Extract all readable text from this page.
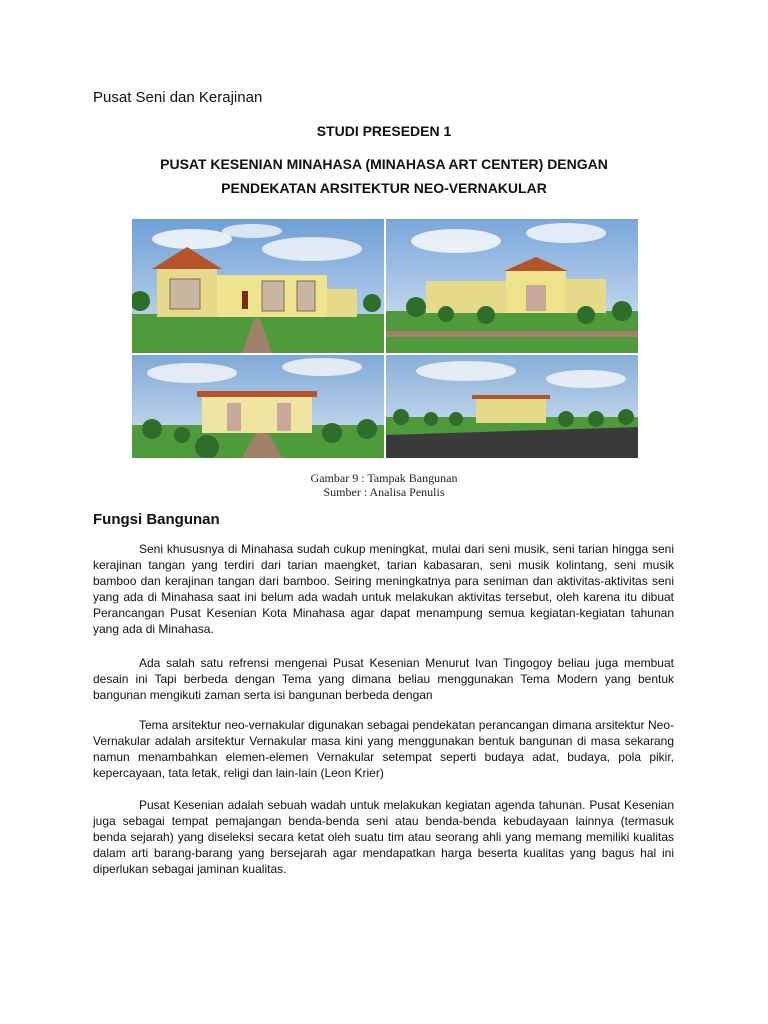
Pusat Seni dan Kerajinan
STUDI PRESEDEN 1
PUSAT KESENIAN MINAHASA (MINAHASA ART CENTER) DENGAN
PENDEKATAN ARSITEKTUR NEO-VERNAKULAR
Gambar 9 : Tampak Bangunan
Sumber : Analisa Penulis
Fungsi Bangunan

Seni khususnya di Minahasa sudah cukup meningkat, mulai dari seni musik, seni tarian hingga seni kerajinan tangan yang terdiri dari tarian maengket, tarian kabasaran, seni musik kolintang, seni musik bamboo dan kerajinan tangan dari bamboo. Seiring meningkatnya para seniman dan aktivitas-aktivitas seni yang ada di Minahasa saat ini belum ada wadah untuk melakukan aktivitas tersebut, oleh karena itu dibuat Perancangan Pusat Kesenian Kota Minahasa agar dapat menampung semua kegiatan-kegiatan tahunan yang ada di Minahasa.

Ada salah satu refrensi mengenai Pusat Kesenian Menurut Ivan Tingogoy beliau juga membuat desain ini Tapi berbeda dengan Tema yang dimana beliau menggunakan Tema Modern yang bentuk bangunan mengikuti zaman serta isi bangunan berbeda dengan

Tema arsitektur neo-vernakular digunakan sebagai pendekatan perancangan dimana arsitektur Neo-Vernakular adalah arsitektur Vernakular masa kini yang menggunakan bentuk bangunan di masa sekarang namun menambahkan elemen-elemen Vernakular setempat seperti budaya adat, budaya, pola pikir, kepercayaan, tata letak, religi dan lain-lain (Leon Krier)

Pusat Kesenian adalah sebuah wadah untuk melakukan kegiatan agenda tahunan. Pusat Kesenian juga sebagai tempat pemajangan benda-benda seni atau benda-benda kebudayaan lainnya (termasuk benda sejarah) yang diseleksi secara ketat oleh suatu tim atau seorang ahli yang memang memiliki kualitas dalam arti barang-barang yang bersejarah agar mendapatkan harga beserta kualitas yang bagus hal ini diperlukan sebagai jaminan kualitas.
